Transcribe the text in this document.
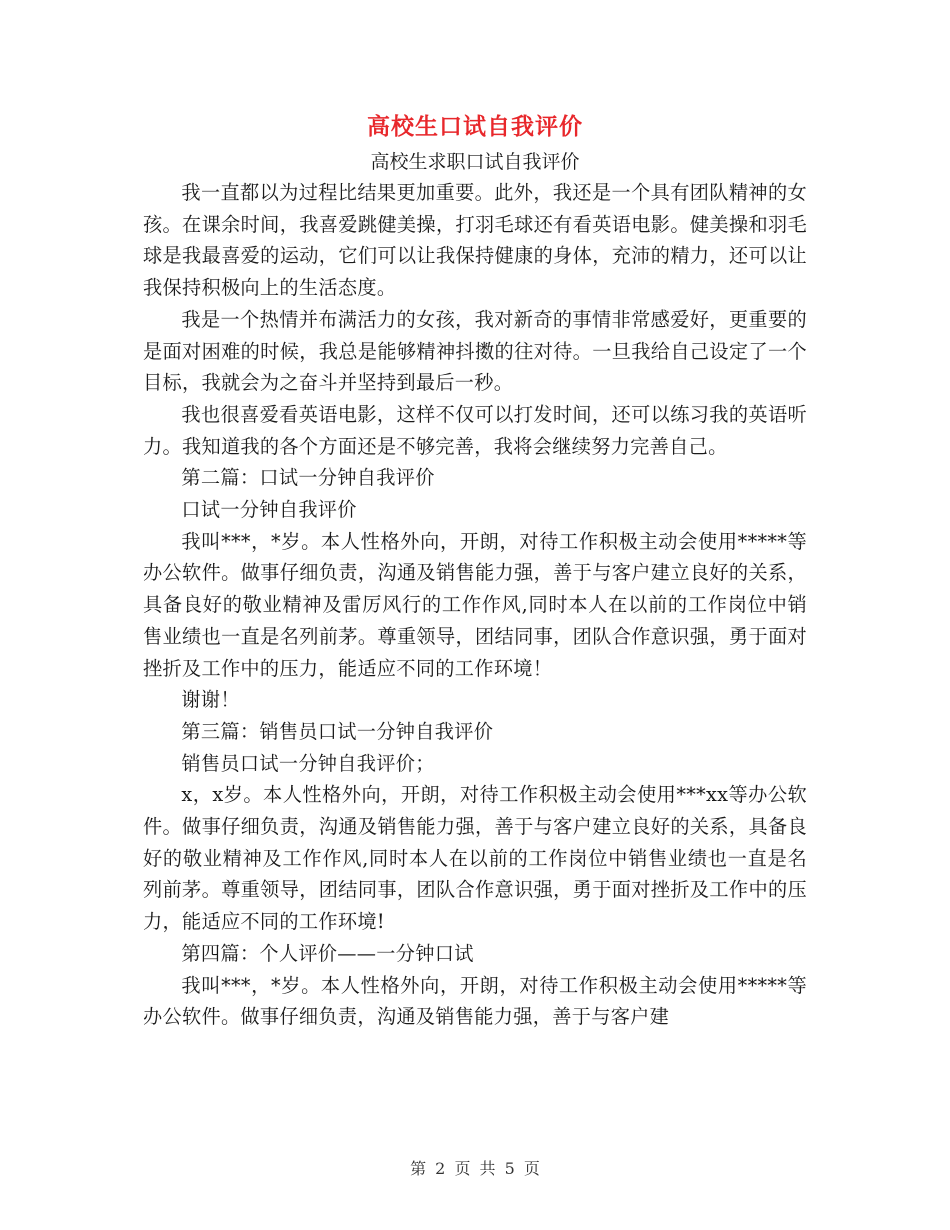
高校生口试自我评价
高校生求职口试自我评价

我一直都以为过程比结果更加重要。此外，我还是一个具有团队精神的女孩。在课余时间，我喜爱跳健美操，打羽毛球还有看英语电影。健美操和羽毛球是我最喜爱的运动，它们可以让我保持健康的身体，充沛的精力，还可以让我保持积极向上的生活态度。

我是一个热情并布满活力的女孩，我对新奇的事情非常感爱好，更重要的是面对困难的时候，我总是能够精神抖擞的往对待。一旦我给自己设定了一个目标，我就会为之奋斗并坚持到最后一秒。

我也很喜爱看英语电影，这样不仅可以打发时间，还可以练习我的英语听力。我知道我的各个方面还是不够完善，我将会继续努力完善自己。

第二篇：口试一分钟自我评价

口试一分钟自我评价

我叫***，*岁。本人性格外向，开朗，对待工作积极主动会使用*****等办公软件。做事仔细负责，沟通及销售能力强，善于与客户建立良好的关系，具备良好的敬业精神及雷厉风行的工作作风,同时本人在以前的工作岗位中销售业绩也一直是名列前茅。尊重领导，团结同事，团队合作意识强，勇于面对挫折及工作中的压力，能适应不同的工作环境！

谢谢！

第三篇：销售员口试一分钟自我评价

销售员口试一分钟自我评价；

x，x岁。本人性格外向，开朗，对待工作积极主动会使用***xx等办公软件。做事仔细负责，沟通及销售能力强，善于与客户建立良好的关系，具备良好的敬业精神及工作作风,同时本人在以前的工作岗位中销售业绩也一直是名列前茅。尊重领导，团结同事，团队合作意识强，勇于面对挫折及工作中的压力，能适应不同的工作环境!

第四篇：个人评价——一分钟口试

我叫***，*岁。本人性格外向，开朗，对待工作积极主动会使用*****等办公软件。做事仔细负责，沟通及销售能力强，善于与客户建

第 2 页 共 5 页
